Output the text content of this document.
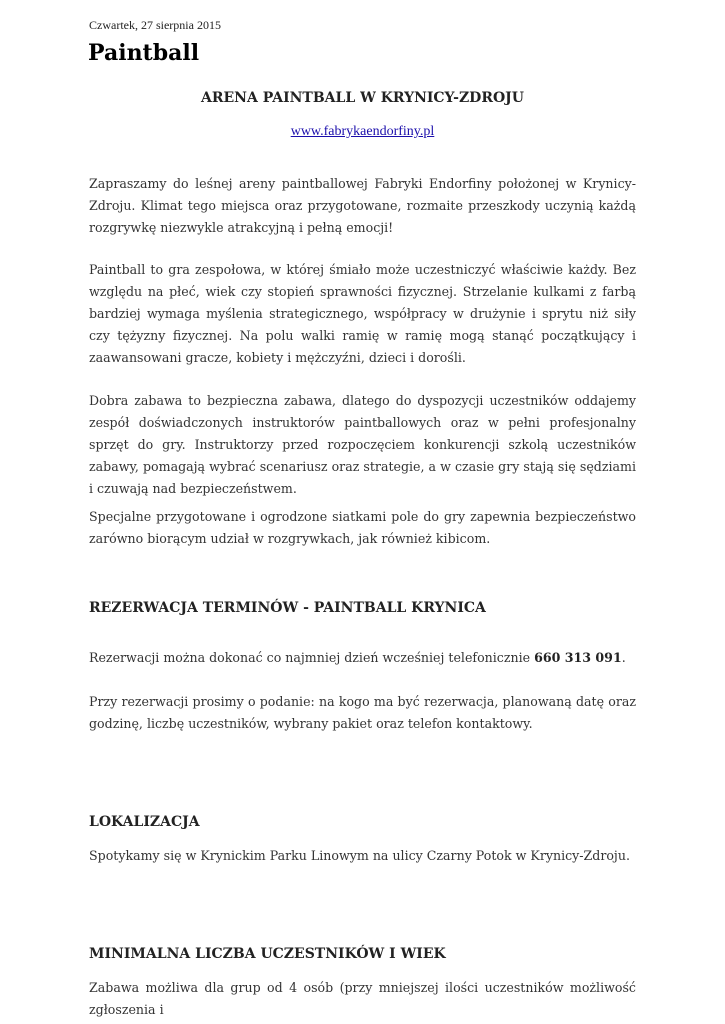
Czwartek, 27 sierpnia 2015
Paintball
ARENA PAINTBALL W KRYNICY-ZDROJU
www.fabrykaendorfiny.pl

Zapraszamy do leśnej areny paintballowej Fabryki Endorfiny położonej w Krynicy-Zdroju. Klimat tego miejsca oraz przygotowane, rozmaite przeszkody uczynią każdą rozgrywkę niezwykle atrakcyjną i pełną emocji!

Paintball to gra zespołowa, w której śmiało może uczestniczyć właściwie każdy. Bez względu na płeć, wiek czy stopień sprawności fizycznej. Strzelanie kulkami z farbą bardziej wymaga myślenia strategicznego, współpracy w drużynie i sprytu niż siły czy tężyzny fizycznej. Na polu walki ramię w ramię mogą stanąć początkujący i zaawansowani gracze, kobiety i mężczyźni, dzieci i dorośli.

Dobra zabawa to bezpieczna zabawa, dlatego do dyspozycji uczestników oddajemy zespół doświadczonych instruktorów paintballowych oraz w pełni profesjonalny sprzęt do gry. Instruktorzy przed rozpoczęciem konkurencji szkolą uczestników zabawy, pomagają wybrać scenariusz oraz strategie, a w czasie gry stają się sędziami i czuwają nad bezpieczeństwem.

Specjalne przygotowane i ogrodzone siatkami pole do gry zapewnia bezpieczeństwo zarówno biorącym udział w rozgrywkach, jak również kibicom.

REZERWACJA TERMINÓW - PAINTBALL KRYNICA

Rezerwacji można dokonać co najmniej dzień wcześniej telefonicznie 660 313 091.

Przy rezerwacji prosimy o podanie: na kogo ma być rezerwacja, planowaną datę oraz godzinę, liczbę uczestników, wybrany pakiet oraz telefon kontaktowy.

LOKALIZACJA

Spotykamy się w Krynickim Parku Linowym na ulicy Czarny Potok w Krynicy-Zdroju.

MINIMALNA LICZBA UCZESTNIKÓW I WIEK

Zabawa możliwa dla grup od 4 osób (przy mniejszej ilości uczestników możliwość zgłoszenia i
